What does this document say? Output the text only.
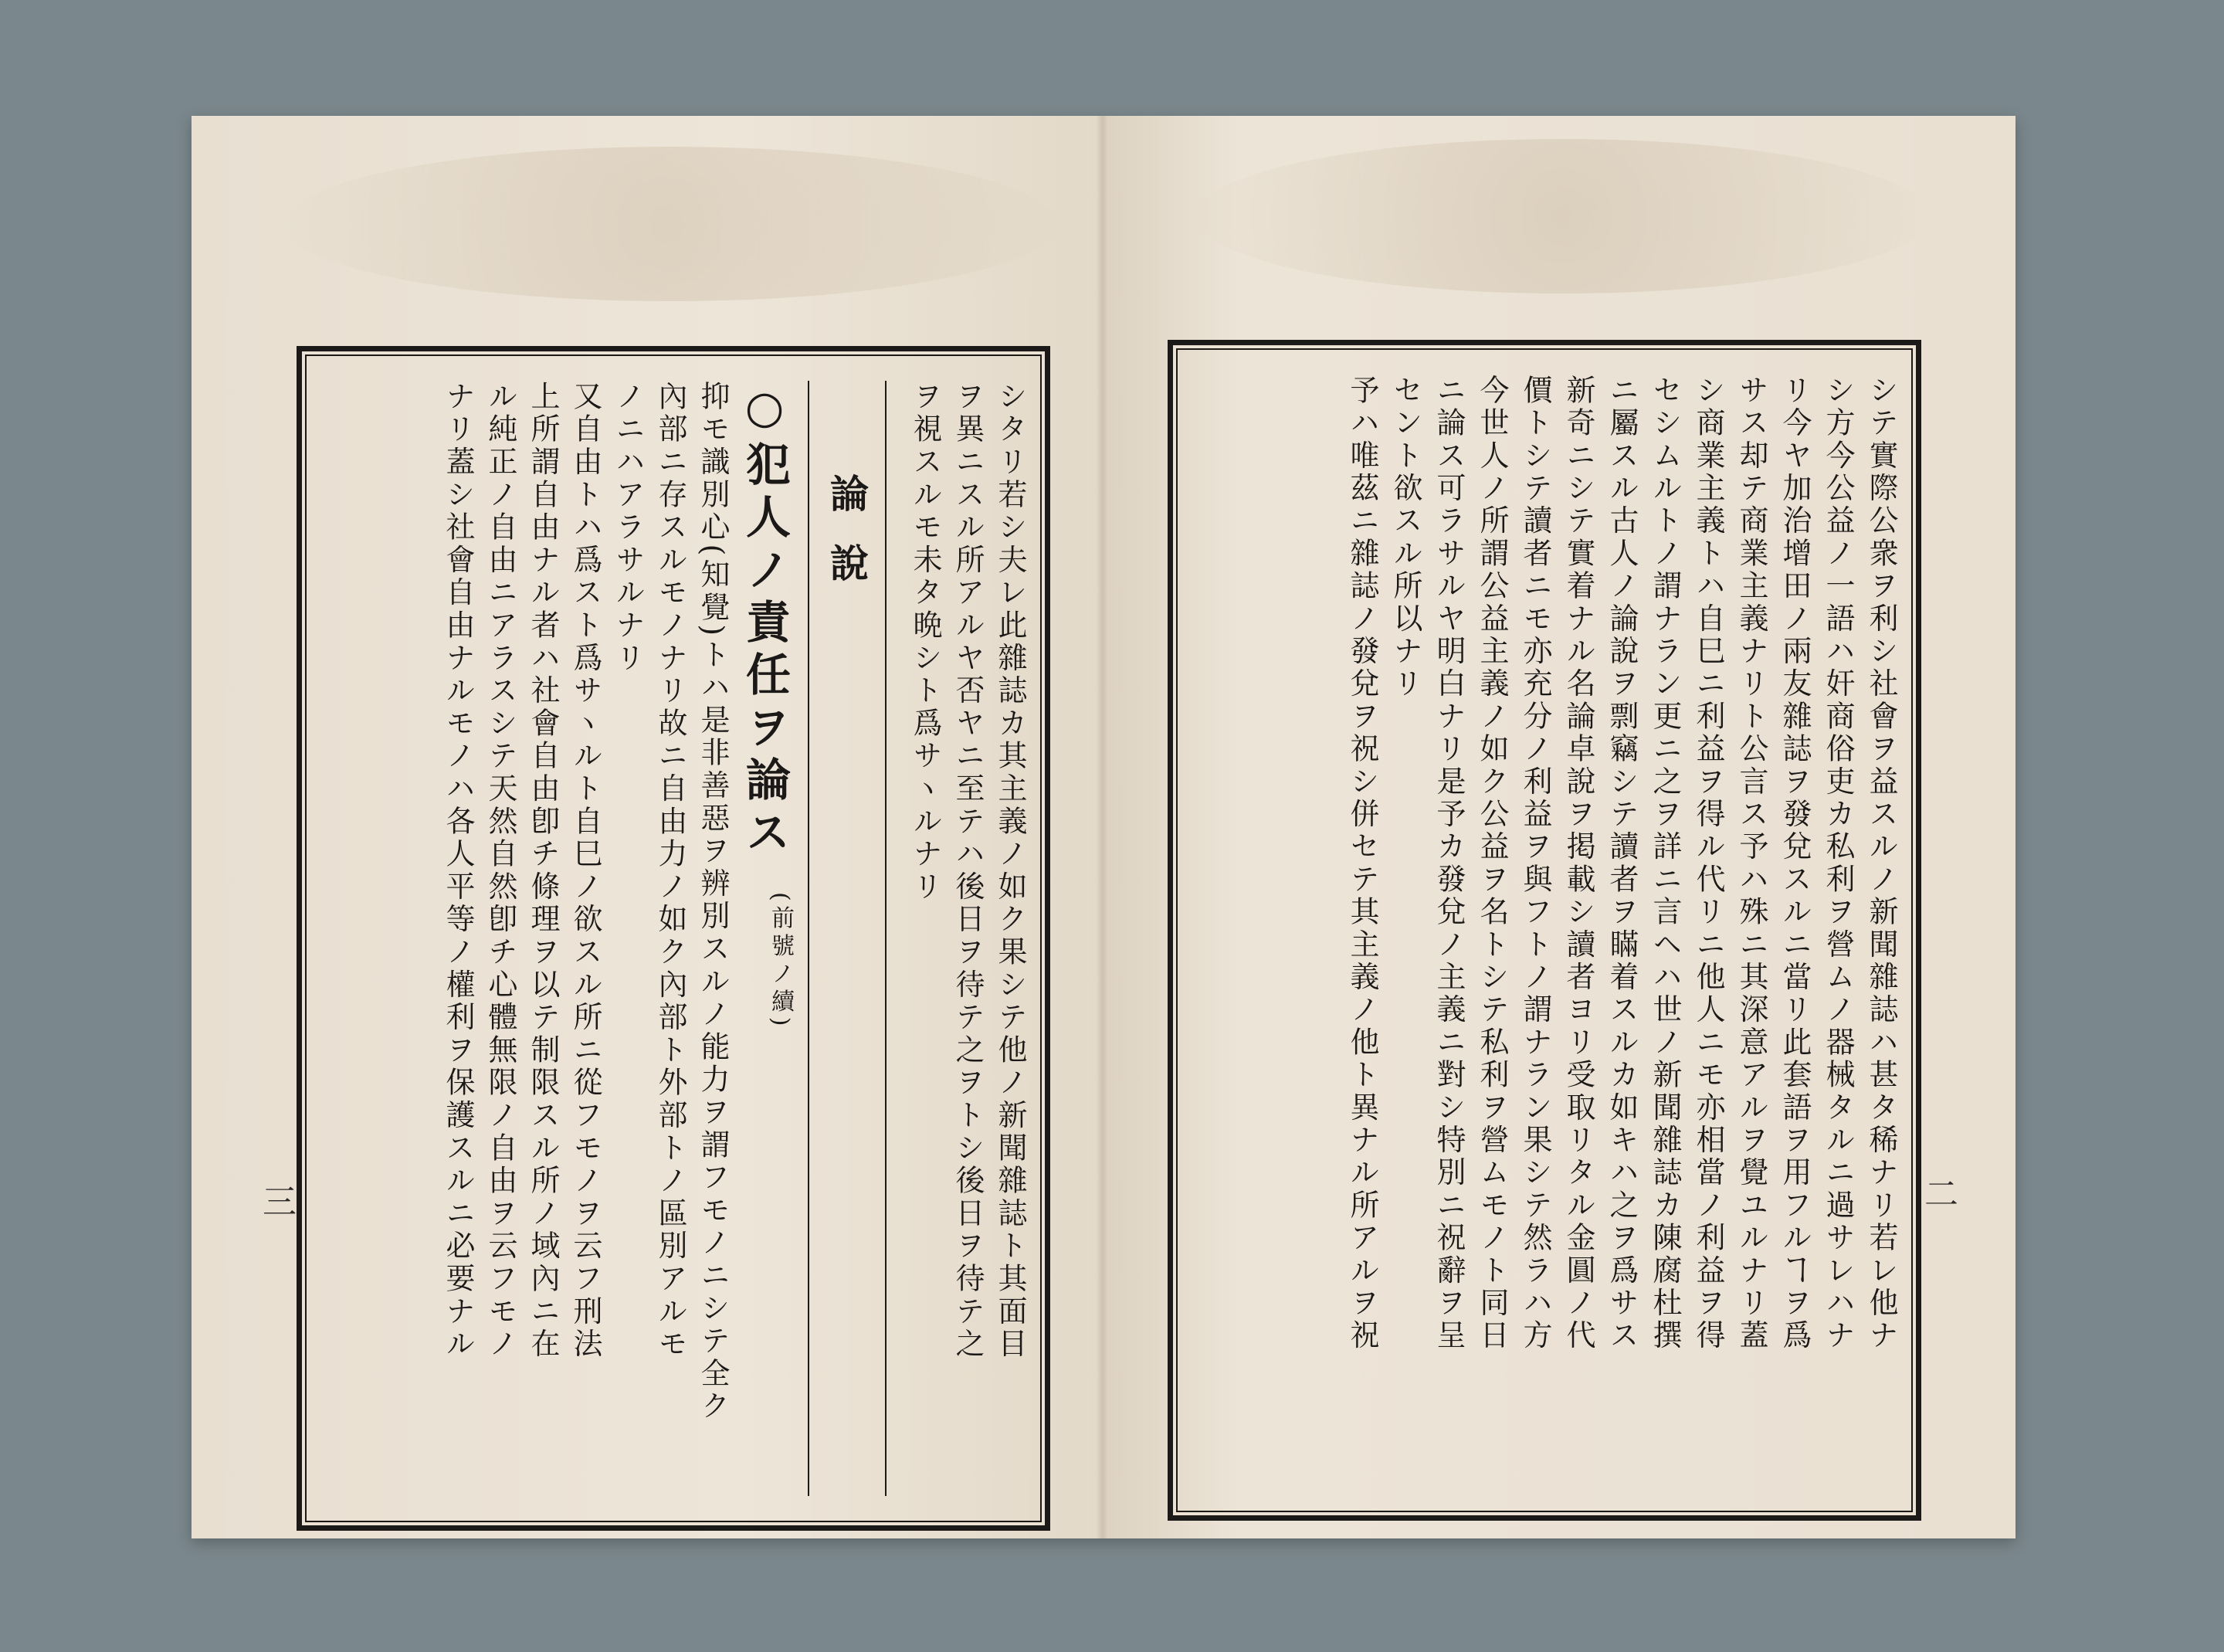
三	二
シタリ若シ夫レ此雜誌カ其主義ノ如ク果シテ他ノ新聞雜誌ト其面目
ヲ異ニスル所アルヤ否ヤニ至テハ後日ヲ待テ之ヲトシ後日ヲ待テ之
ヲ視スルモ未タ晩シト爲サヽルナリ
論說
○犯人ノ責任ヲ論ス
(前號ノ續)
抑モ識別心(知覺)トハ是非善惡ヲ辨別スルノ能力ヲ謂フモノニシテ全ク
內部ニ存スルモノナリ故ニ自由力ノ如ク內部ト外部トノ區別アルモ
ノニハアラサルナリ
又自由トハ爲スト爲サヽルト自巳ノ欲スル所ニ從フモノヲ云フ刑法
上所謂自由ナル者ハ社會自由卽チ條理ヲ以テ制限スル所ノ域內ニ在
ル純正ノ自由ニアラスシテ天然自然卽チ心體無限ノ自由ヲ云フモノ
ナリ蓋シ社會自由ナルモノハ各人平等ノ權利ヲ保護スルニ必要ナル	シテ實際公衆ヲ利シ社會ヲ益スルノ新聞雜誌ハ甚タ稀ナリ若レ他ナ
シ方今公益ノ一語ハ奸商俗吏カ私利ヲ營ムノ器械タルニ過サレハナ
リ今ヤ加治增田ノ兩友雜誌ヲ發兌スルニ當リ此套語ヲ用フルヿヲ爲
サス却テ商業主義ナリト公言ス予ハ殊ニ其深意アルヲ覺ユルナリ蓋
シ商業主義トハ自巳ニ利益ヲ得ル代リニ他人ニモ亦相當ノ利益ヲ得
セシムルトノ謂ナラン更ニ之ヲ詳ニ言ヘハ世ノ新聞雜誌カ陳腐杜撰
ニ屬スル古人ノ論說ヲ剽竊シテ讀者ヲ瞞着スルカ如キハ之ヲ爲サス
新奇ニシテ實着ナル名論卓說ヲ掲載シ讀者ヨリ受取リタル金圓ノ代
價トシテ讀者ニモ亦充分ノ利益ヲ與フトノ謂ナラン果シテ然ラハ方
今世人ノ所謂公益主義ノ如ク公益ヲ名トシテ私利ヲ營ムモノト同日
ニ論ス可ラサルヤ明白ナリ是予カ發兌ノ主義ニ對シ特別ニ祝辭ヲ呈
セント欲スル所以ナリ
予ハ唯茲ニ雜誌ノ發兌ヲ祝シ併セテ其主義ノ他ト異ナル所アルヲ祝
